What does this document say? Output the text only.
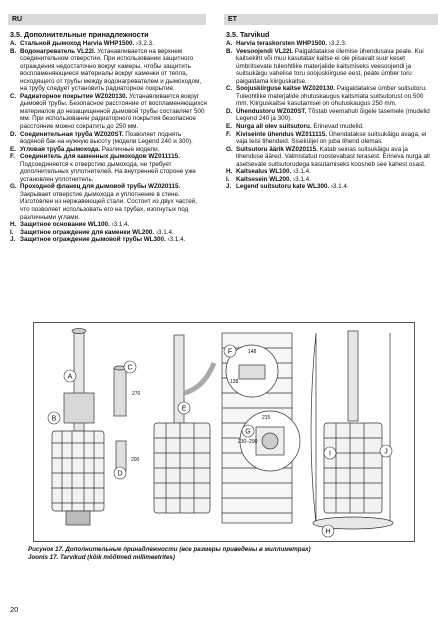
RU	ET
3.5. Дополнительные принадлежности
A. Стальной дымоход Harvia WHP1500. ›3.2.3.
B. Водонагреватель VL22I. Устанавливается на верхнем соединительном отверстии. При использовании защитного ограждения недостаточно вокруг камеры, чтобы защитить воспламеняющиеся материалы вокруг каменки от тепла, исходящего от трубы между водонагревателем и дымоходом, на трубу следует установить радиаторное покрытие.
C. Радиаторное покрытие WZ020130. Устанавливается вокруг дымовой трубы. Безопасное расстояние от воспламеняющихся материалов до незащищенной дымовой трубы составляет 500 мм. При использовании радиаторного покрытия безопасное расстояние можно сократить до 250 мм.
D. Соединительная труба WZ020ST. Позволяет поднять водяной бак на нужную высоту (модели Legend 240 и 300).
E. Угловая труба дымохода. Различные модели.
F. Соединитель для каменных дымоходов WZ011115. Подсоединяется к отверстию дымохода, не требует дополнительных уплотнителей. На внутренней стороне уже установлен уплотнитель.
G. Проходной фланец для дымовой трубы WZ020115. Закрывает отверстие дымохода и уплотнение в стене. Изготовлен из нержавеющей стали. Состоит из двух частей, что позволяет использовать его на трубах, изогнутых под различными углами.
H. Защитное основание WL100. ›3.1.4.
I.	Защитное ограждение для каменки WL200. ›3.1.4.
J. Защитное ограждение дымовой трубы WL300. ›3.1.4.
3.5. Tarvikud
A. Harvia teraskorsten WHP1500. ›3.2.3.
B. Veesoojendi VL22I. Paigaldatakse ülemise ühendusava peale. Kui kaitsekiht või muu kasutatav kaitse ei ole piisavalt suur keset ümbritsevate tuleohtlike materjalide kaitsmiseks veesoojendi ja suitsukäigu vahelise toru soojuskiirguse eest, peate ümber toru paigaldama kiirguskaitse.
C. Soojuskiirguse kaitse WZ020130. Paigaldatakse ümber suitsutoru. Tuleohtlike materjalide ohutuskaugus kaitsmata suitsutorust on 500 mm. Kiirguskaitse kasutamisel on ohutuskaugus 250 mm.
D. Ühendustoru WZ020ST. Tõstab veemahuti õigele tasemele (mudelid Legend 240 ja 300).
E. Nurga all olev suitsutoru. Erinevad mudelid.
F. Kiviseinte ühendus WZ011115. Ühendatakse suitsukäigu avaga, ei vaja teisi tihendeid. Siseküljel on juba tihend olemas.
G. Suitsutoru äärik WZ020115. Katab seinas suitsukäigu ava ja tihenduse ääred. Valmistatud roostevabast terasest. Erineva nurga all asetsevate suitsutorudega kasutamiseks koosneb see kahest osast.
H. Kaitsealus WL100. ›3.1.4.
I.	Kaitsesein WL200. ›3.1.4.
J. Legend suitsutoru kate WL300. ›3.1.4.
270
200
148
138
215
230–290
A
B
C
D
E
F
G
H
I	J
Рисунок 17. Дополнительные принадлежности (все размеры приведены в миллиметрах)
Joonis 17. Tarvikud (kõik mõõtmed millimeetrites)
20
